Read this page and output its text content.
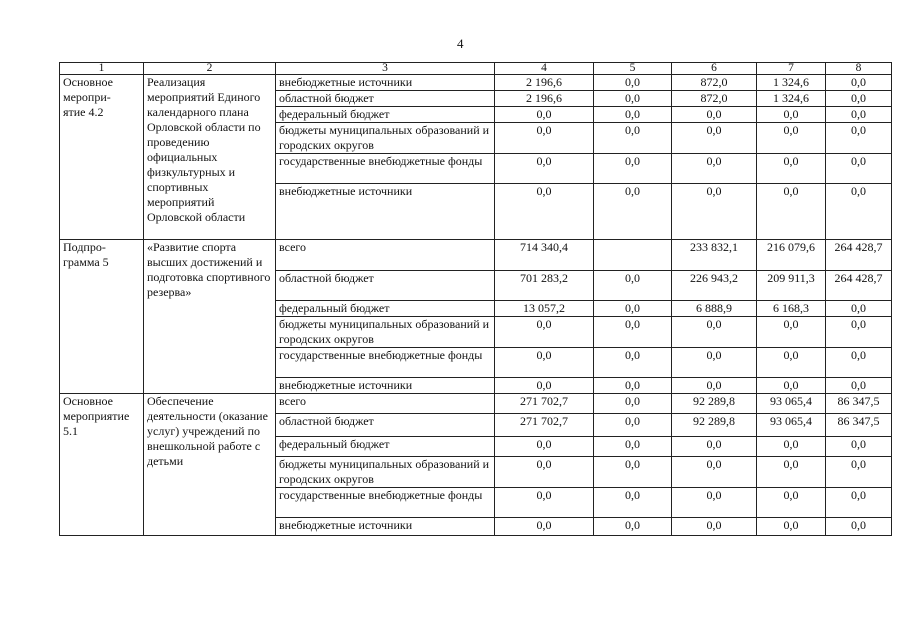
4
1	2	3	4	5	6	7	8

Основное
меропри-
ятие 4.2	Реализация мероприятий Единого календарного плана Орловской области по проведению официальных физкультурных и спортивных мероприятий Орловской области	внебюджетные источники	2 196,6	0,0	872,0	1 324,6	0,0
		областной бюджет	2 196,6	0,0	872,0	1 324,6	0,0
		федеральный бюджет	0,0	0,0	0,0	0,0	0,0
		бюджеты муниципальных образований и городских округов	0,0	0,0	0,0	0,0	0,0
		государственные внебюджетные фонды	0,0	0,0	0,0	0,0	0,0
		внебюджетные источники	0,0	0,0	0,0	0,0	0,0

Подпро-
грамма 5	«Развитие спорта высших достижений и подготовка спортивного резерва»	всего	714 340,4		233 832,1	216 079,6	264 428,7
		областной бюджет	701 283,2	0,0	226 943,2	209 911,3	264 428,7
		федеральный бюджет	13 057,2	0,0	6 888,9	6 168,3	0,0
		бюджеты муниципальных образований и городских округов	0,0	0,0	0,0	0,0	0,0
		государственные внебюджетные фонды	0,0	0,0	0,0	0,0	0,0
		внебюджетные источники	0,0	0,0	0,0	0,0	0,0

Основное
мероприятие
5.1	Обеспечение деятельности (оказание услуг) учреждений по внешкольной работе с детьми	всего	271 702,7	0,0	92 289,8	93 065,4	86 347,5
		областной бюджет	271 702,7	0,0	92 289,8	93 065,4	86 347,5
		федеральный бюджет	0,0	0,0	0,0	0,0	0,0
		бюджеты муниципальных образований и городских округов	0,0	0,0	0,0	0,0	0,0
		государственные внебюджетные фонды	0,0	0,0	0,0	0,0	0,0
		внебюджетные источники	0,0	0,0	0,0	0,0	0,0
